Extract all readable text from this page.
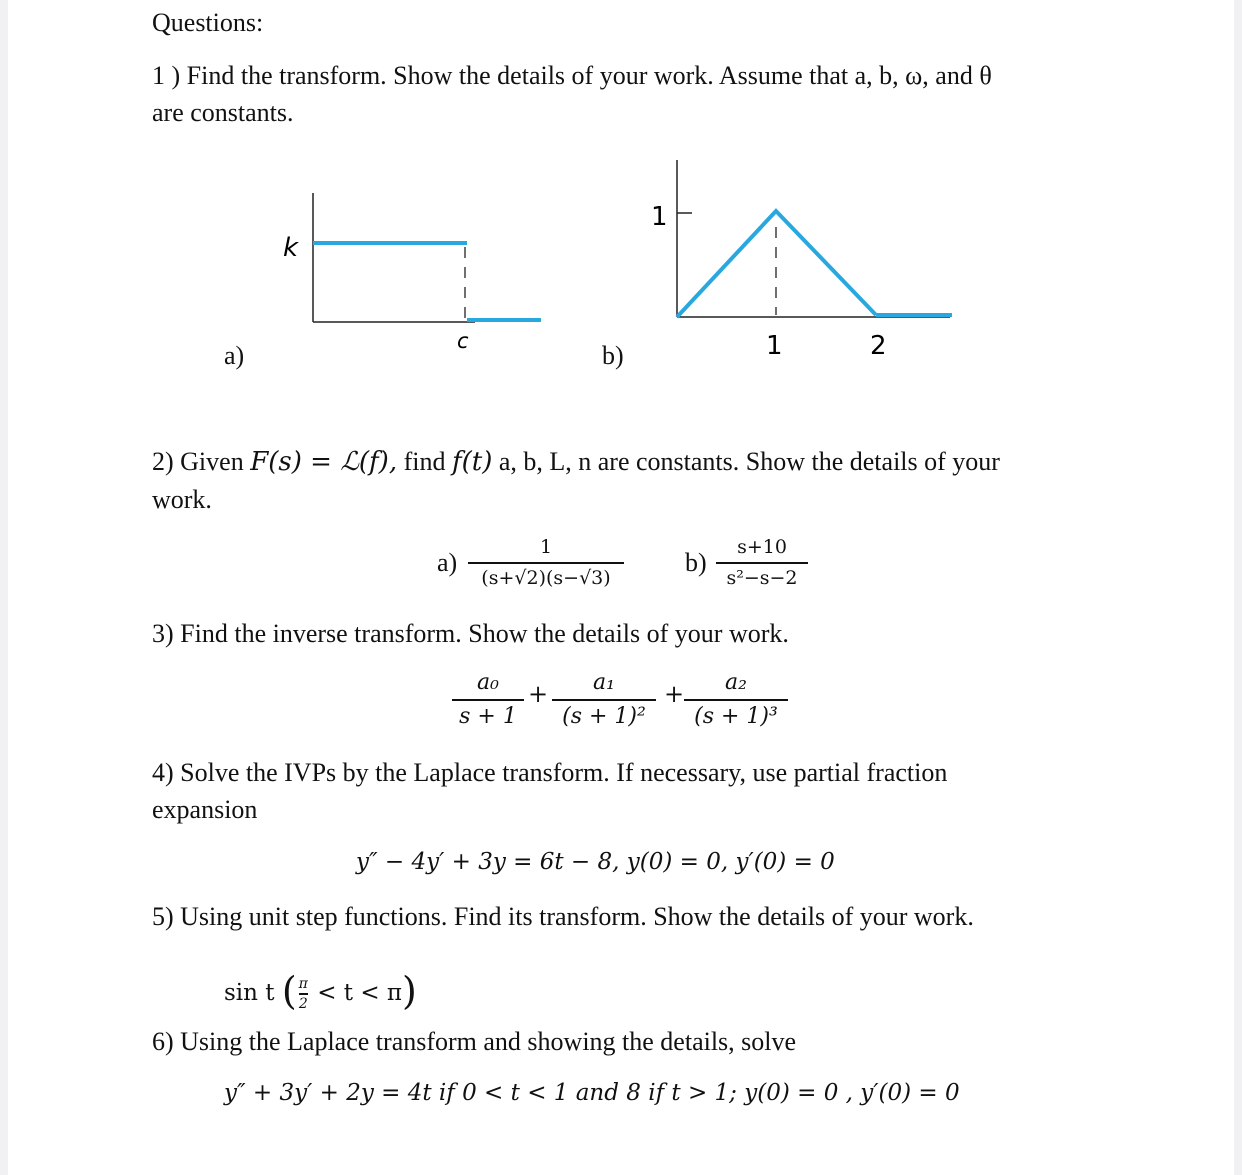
Questions:
1 ) Find the transform. Show the details of your work. Assume that a, b, ω, and θ
are constants.
a)	b)
k
c
1
1	2
2) Given F(s) = ℒ(f), find f(t) a, b, L, n are constants. Show the details of your
work.
a)
1
(s+√2)(s−√3)
b)
s+10
s²−s−2
3) Find the inverse transform. Show the details of your work.
a₀
s + 1
+	a₁
(s + 1)²
+	a₂
(s + 1)³
4) Solve the IVPs by the Laplace transform. If necessary, use partial fraction
expansion
y″ − 4y′ + 3y = 6t − 8, y(0) = 0, y′(0) = 0
5) Using unit step functions. Find its transform. Show the details of your work.
sin t ( $\frac{\pi}{2} < t < \pi$)
6) Using the Laplace transform and showing the details, solve
y″ + 3y′ + 2y = 4t if 0 < t < 1 and 8 if t > 1; y(0) = 0 , y′(0) = 0
